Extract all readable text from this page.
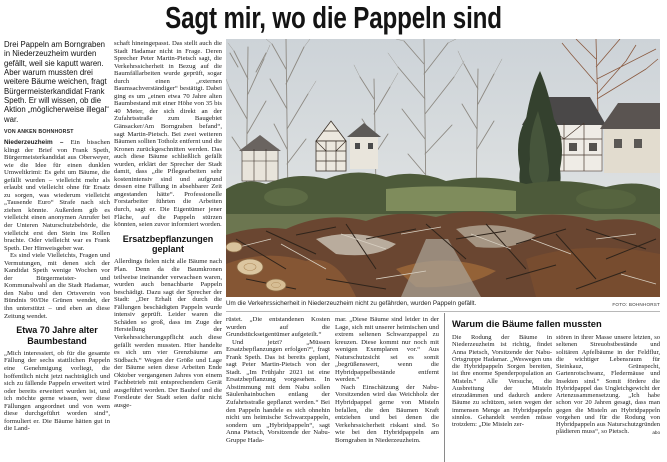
Sagt mir, wo die Pappeln sind
Drei Pappeln am Borngraben in Niederzeuzheim wurden gefällt, weil sie kaputt waren. Aber warum mussten drei weitere Bäume weichen, fragt Bürgermeisterkandidat Frank Speth. Er will wissen, ob die Aktion „möglicherweise illegal“ war.
VON ANKEN BOHNHORST

Niederzeuzheim – Ein bisschen klingt der Brief von Frank Speth, Bürgermeisterkandidat aus Oberweyer, wie die Idee für einen dunklen Umweltkrimi: Es geht um Bäume, die gefällt wurden – vielleicht mehr als erlaubt und vielleicht ohne für Ersatz zu sorgen, was wiederum vielleicht „Tausende Euro“ Strafe nach sich ziehen könnte. Außerdem gib es vielleicht einen anonymen Anrufer bei der Unteren Naturschutzbehörde, die vielleicht erst den Stein ins Rollen brachte. Oder vielleicht war es Frank Speth. Der Hinweisgeber war.

Es sind viele Vielleichts, Fragen und Vermutungen, mit denen sich der Kandidat Speth wenige Wochen vor der Bürgermeister- und Kommunalwahl an die Stadt Hadamar, den Nabu und den Ortsverein von Bündnis 90/Die Grünen wendet, der ihn unterstützt – und eben an diese Zeitung wendet.

Etwa 70 Jahre alter Baumbestand

„Mich interessiert, ob für die gesamte Fällung der sechs stattlichen Pappeln eine Genehmigung vorliegt, die hoffentlich nicht jetzt nachträglich und sich zu fällende Pappeln erweitert wird oder bereits erweitert wurden ist, und ich möchte gerne wissen, wer diese Fällungen angeordnet und von wem diese durchgeführt worden sind“, formuliert er. Die Bäume hätten gut in die Land-

schaft hineingepasst. Das stellt auch die Stadt Hadamar nicht in Frage. Deren Sprecher Peter Martin-Pietsch sagt, die Verkehrssicherheit in Bezug auf die Baumfällarbeiten wurde geprüft, sogar durch einen „externen Baumsachverständiger“ bestätigt. Dabei ging es um „einen etwa 70 Jahre alten Baumbestand mit einer Höhe von 35 bis 40 Meter, der sich direkt an der Zufahrtsstraße zum Baugebiet Gänsacker/Am Borngraben befand“, sagt Martin-Pietsch. Bei zwei weiteren Bäumen sollten Totholz entfernt und die Kronen zurückgeschnitten werden. Das auch diese Bäume schließlich gefällt wurden, erklärt der Sprecher der Stadt damit, dass „die Pflegearbeiten sehr kostenintensiv sind und aufgrund dessen eine Fällung in absehbarer Zeit angestanden hätte“. Professionelle Forstarbeiter führten die Arbeiten durch, sagt er. Die Eigentümer jener Fläche, auf die Pappeln stürzen könnten, seien zuvor informiert worden.

Ersatzbepflanzungen geplant

Allerdings fielen nicht alle Bäume nach Plan. Denn da die Baumkronen teilweise ineinander verwachsen waren, wurden auch benachbarte Pappeln beschädigt. Dazu sagt der Sprecher der Stadt: „Der Erhalt der durch die Fällungen beschädigten Pappeln wurde intensiv geprüft. Leider waren die Schäden so groß, dass im Zuge der Herstellung der Verkehrssicherungspflicht auch diese gefällt werden mussten. Hier handelte es sich um vier Grenzbäume am Südbach.“ Wegen der Größe und Lage der Bäume seien diese Arbeiten Ende Oktober vergangenen Jahres von einem Fachbetrieb mit entsprechendem Gerät ausgeführt worden. Der Bauhof und die Forstleute der Stadt seien dafür nicht ausge-

Um die Verkehrssicherheit in Niederzeuzheim nicht zu gefährden, wurden Pappeln gefällt.	FOTO: BOHNHORST

rüstet. „Die entstandenen Kosten wurden auf die Grundstückseigentümer aufgeteilt.“

Und jetzt? „Müssen Ersatzbepflanzungen erfolgen?“, fragt Frank Speth. Das ist bereits geplant, sagt Peter Martin-Pietsch von der Stadt. „Im Frühjahr 2021 ist eine Ersatzbepflanzung vorgesehen. In Abstimmung mit dem Nabu sollen Säulenhainbuchen entlang der Zufahrtsstraße gepflanzt werden.“ Bei den Pappeln handele es sich ohnehin nicht um heimische Schwarzpappeln, sondern um „Hybridpappeln“, sagt Anna Pietsch, Vorsitzende der Nabu-Gruppe Hada-

mar. „Diese Bäume sind leider in der Lage, sich mit unserer heimischen und extrem seltenen Schwarzpappel zu kreuzen. Diese kommt nur noch mit wenigen Exemplaren vor.“ Aus Naturschutzsicht sei es somit „begrüßenswert, wenn die Hybridpappelbestände entfernt werden.“

Nach Einschätzung der Nabu-Vorsitzenden wird das Weichholz der Hybridpappel gerne von Misteln befallen, die den Bäumen Kraft entziehen und bei denen die Verkehrssicherheit riskant sind. So wie bei den Hybridpappeln am Borngraben in Niederzeuzheim.

Warum die Bäume fallen mussten

Die Rodung der Bäume in Niederzeuzheim ist richtig, findet Anna Pietsch, Vorsitzende der Nabu-Ortsgruppe Hadamar. „Weswegen uns die Hybridpappeln Sorgen bereiten, ist ihre enorme Spenderpopulation an Misteln.“ Alle Versuche, die Ausbreitung der Misteln einzudämmen und dadurch andere Bäume zu schützen, seien wegen der immensen Menge an Hybridpappeln sinnlos. Gehandelt werden müsse trotzdem: „Die Misteln zer-

stören in ihrer Masse unsere letzten, so seltenen Streuobstbestände und solitären Apfelbäume in der Feldflur, die wichtiger Lebensraum für Steinkauz, Grünspecht, Gartenrotschwanz, Fledermäuse und Insekten sind.“ Somit fördere die Hybridpappel das Ungleichgewicht der Artenzusammensetzung. „Ich habe schon vor 20 Jahren gesagt, dass man gegen die Misteln an Hybridpappeln vorgehen und für die Rodung von Hybridpappeln aus Naturschutzgründen plädieren muss“, so Pietsch.	abo
